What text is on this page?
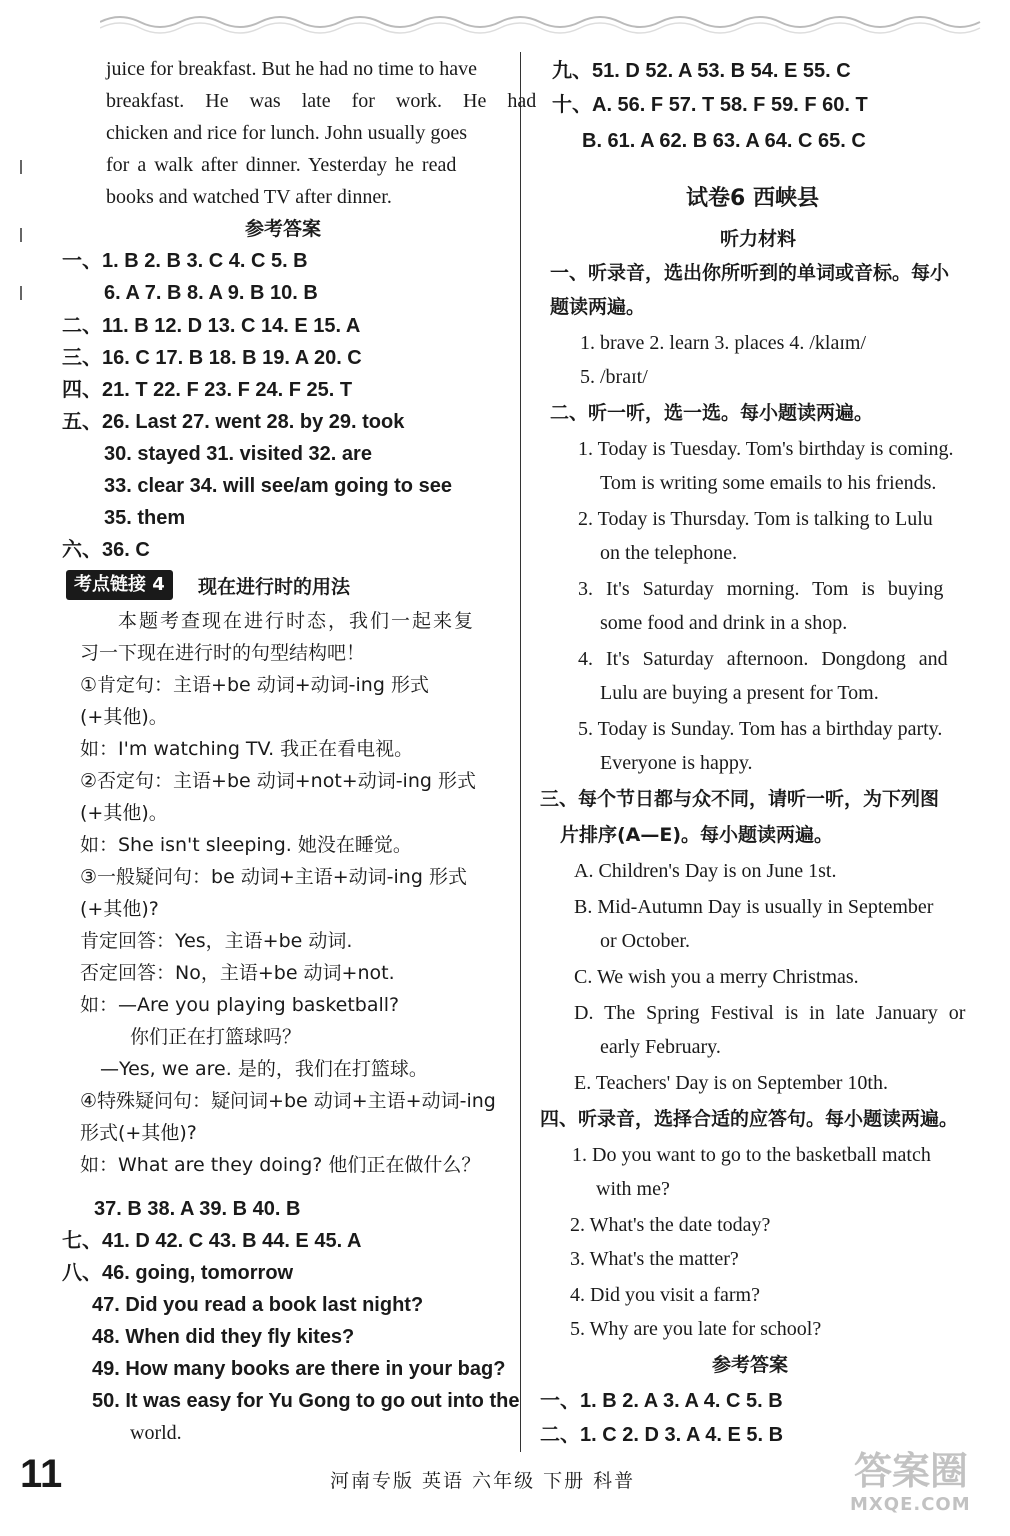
juice for breakfast. But he had no time to have
breakfast. He was late for work. He had
chicken and rice for lunch. John usually goes
for a walk after dinner. Yesterday he read
books and watched TV after dinner.
参考答案
一、1. B 2. B 3. C 4. C 5. B
6. A 7. B 8. A 9. B 10. B
二、11. B 12. D 13. C 14. E 15. A
三、16. C 17. B 18. B 19. A 20. C
四、21. T 22. F 23. F 24. F 25. T
五、26. Last 27. went 28. by 29. took
30. stayed 31. visited 32. are
33. clear 34. will see/am going to see
35. them
六、36. C
考点链接 4	现在进行时的用法
本题考查现在进行时态，我们一起来复
习一下现在进行时的句型结构吧！
①肯定句：主语+be 动词+动词-ing 形式
(+其他)。
如：I'm watching TV. 我正在看电视。
②否定句：主语+be 动词+not+动词-ing 形式
(+其他)。
如：She isn't sleeping. 她没在睡觉。
③一般疑问句：be 动词+主语+动词-ing 形式
(+其他)?
肯定回答：Yes，主语+be 动词.
否定回答：No，主语+be 动词+not.
如：—Are you playing basketball?
你们正在打篮球吗？
—Yes, we are. 是的，我们在打篮球。
④特殊疑问句：疑问词+be 动词+主语+动词-ing
形式(+其他)?
如：What are they doing? 他们正在做什么？
37. B 38. A 39. B 40. B
七、41. D 42. C 43. B 44. E 45. A
八、46. going, tomorrow
47. Did you read a book last night?
48. When did they fly kites?
49. How many books are there in your bag?
50. It was easy for Yu Gong to go out into the
world.
九、51. D 52. A 53. B 54. E 55. C
十、A. 56. F 57. T 58. F 59. F 60. T
B. 61. A 62. B 63. A 64. C 65. C
试卷6 西峡县
听力材料
一、听录音，选出你所听到的单词或音标。每小
题读两遍。
1. brave 2. learn 3. places 4. /klaɪm/
5. /braɪt/
二、听一听，选一选。每小题读两遍。
1. Today is Tuesday. Tom's birthday is coming.
Tom is writing some emails to his friends.
2. Today is Thursday. Tom is talking to Lulu
on the telephone.
3. It's Saturday morning. Tom is buying
some food and drink in a shop.
4. It's Saturday afternoon. Dongdong and
Lulu are buying a present for Tom.
5. Today is Sunday. Tom has a birthday party.
Everyone is happy.
三、每个节日都与众不同，请听一听，为下列图
片排序(A—E)。每小题读两遍。
A. Children's Day is on June 1st.
B. Mid-Autumn Day is usually in September
or October.
C. We wish you a merry Christmas.
D. The Spring Festival is in late January or
early February.
E. Teachers' Day is on September 10th.
四、听录音，选择合适的应答句。每小题读两遍。
1. Do you want to go to the basketball match
with me?
2. What's the date today?
3. What's the matter?
4. Did you visit a farm?
5. Why are you late for school?
参考答案
一、1. B 2. A 3. A 4. C 5. B
二、1. C 2. D 3. A 4. E 5. B
11	河南专版 英语 六年级 下册 科普	答案圈
MXQE.COM
